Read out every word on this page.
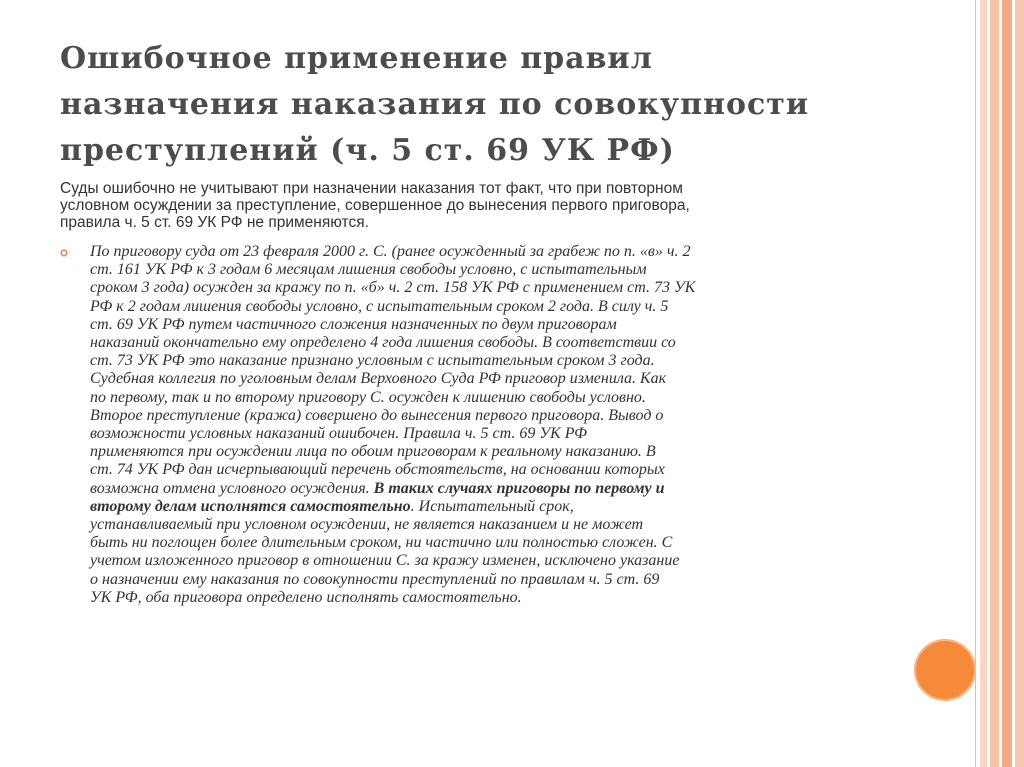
Ошибочное применение правил
назначения наказания по совокупности
преступлений (ч. 5 ст. 69 УК РФ)
Суды ошибочно не учитывают при назначении наказания тот факт, что при повторном
условном осуждении за преступление, совершенное до вынесения первого приговора,
правила ч. 5 ст. 69 УК РФ не применяются.
По приговору суда от 23 февраля 2000 г. С. (ранее осужденный за грабеж по п. «в» ч. 2
ст. 161 УК РФ к 3 годам 6 месяцам лишения свободы условно, с испытательным
сроком 3 года) осужден за кражу по п. «б» ч. 2 ст. 158 УК РФ с применением ст. 73 УК
РФ к 2 годам лишения свободы условно, с испытательным сроком 2 года. В силу ч. 5
ст. 69 УК РФ путем частичного сложения назначенных по двум приговорам
наказаний окончательно ему определено 4 года лишения свободы. В соответствии со
ст. 73 УК РФ это наказание признано условным с испытательным сроком 3 года.
Судебная коллегия по уголовным делам Верховного Суда РФ приговор изменила. Как
по первому, так и по второму приговору С. осужден к лишению свободы условно.
Второе преступление (кража) совершено до вынесения первого приговора. Вывод о
возможности условных наказаний ошибочен. Правила ч. 5 ст. 69 УК РФ
применяются при осуждении лица по обоим приговорам к реальному наказанию. В
ст. 74 УК РФ дан исчерпывающий перечень обстоятельств, на основании которых
возможна отмена условного осуждения. В таких случаях приговоры по первому и
второму делам исполнятся самостоятельно. Испытательный срок,
устанавливаемый при условном осуждении, не является наказанием и не может
быть ни поглощен более длительным сроком, ни частично или полностью сложен. С
учетом изложенного приговор в отношении С. за кражу изменен, исключено указание
о назначении ему наказания по совокупности преступлений по правилам ч. 5 ст. 69
УК РФ, оба приговора определено исполнять самостоятельно.
